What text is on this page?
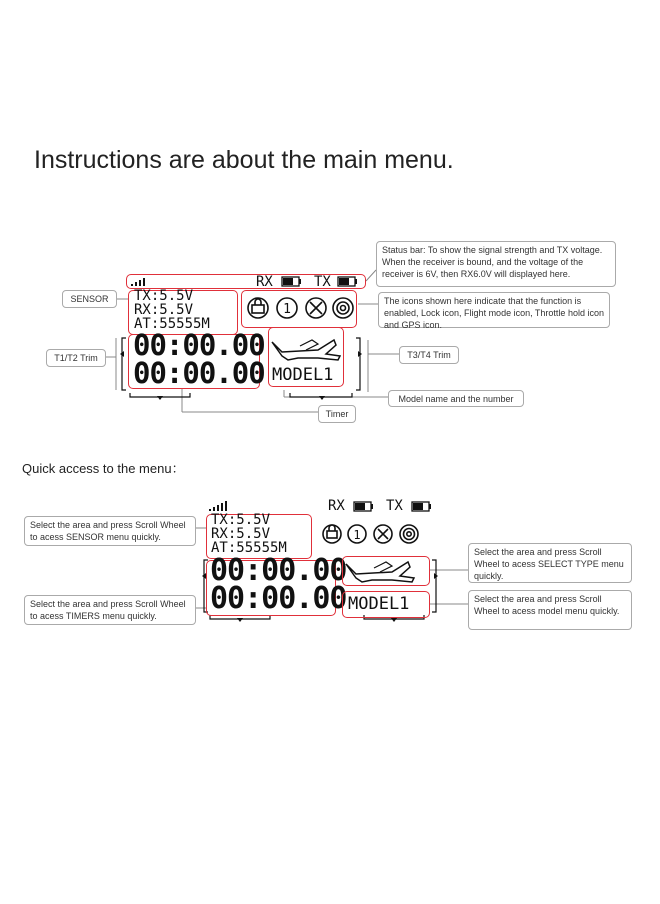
Instructions are about the main menu.
Quick access to the menu：
RX	TX
TX:5.5V
RX:5.5V
AT:55555M
1
00:00.00
00:00.00 MODEL1
Status bar: To show the signal strength and TX voltage. When the receiver is bound, and the voltage of the receiver is 6V, then RX6.0V will displayed here.
SENSOR	The icons shown here indicate that the function is enabled, Lock icon, Flight mode icon, Throttle hold icon and GPS icon.
T1/T2 Trim	T3/T4 Trim
Model name and the number
Timer
RX	TX
TX:5.5V
RX:5.5V
AT:55555M
1
00:00.00
00:00.00 MODEL1
Select the area and press Scroll Wheel to acess SENSOR menu quickly.
Select the area and press Scroll Wheel to acess TIMERS menu quickly.
Select the area and press Scroll Wheel to acess SELECT TYPE menu quickly.
Select the area and press Scroll Wheel to acess model menu quickly.
